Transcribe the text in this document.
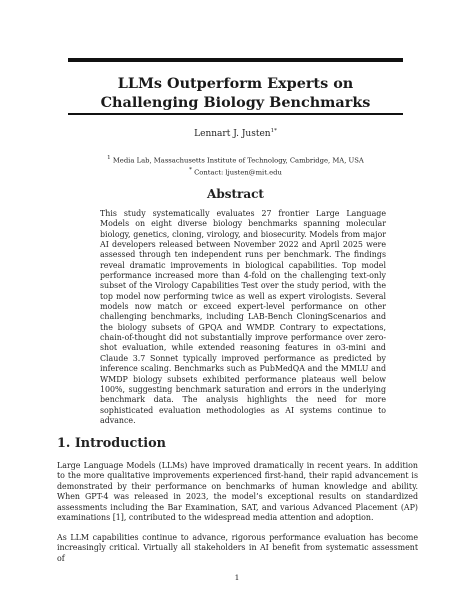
LLMs Outperform Experts on Challenging Biology Benchmarks
Lennart J. Justen$^{1*}$
$^1$ Media Lab, Massachusetts Institute of Technology, Cambridge, MA, USA
* Contact: ljusten@mit.edu
Abstract

This study systematically evaluates 27 frontier Large Language Models on eight diverse biology benchmarks spanning molecular biology, genetics, cloning, virology, and biosecurity. Models from major AI developers released between November 2022 and April 2025 were assessed through ten independent runs per benchmark. The findings reveal dramatic improvements in biological capabilities. Top model performance increased more than 4-fold on the challenging text-only subset of the Virology Capabilities Test over the study period, with the top model now performing twice as well as expert virologists. Several models now match or exceed expert-level performance on other challenging benchmarks, including LAB-Bench CloningScenarios and the biology subsets of GPQA and WMDP. Contrary to expectations, chain-of-thought did not substantially improve performance over zero-shot evaluation, while extended reasoning features in o3-mini and Claude 3.7 Sonnet typically improved performance as predicted by inference scaling. Benchmarks such as PubMedQA and the MMLU and WMDP biology subsets exhibited performance plateaus well below 100%, suggesting benchmark saturation and errors in the underlying benchmark data. The analysis highlights the need for more sophisticated evaluation methodologies as AI systems continue to advance.

1. Introduction

Large Language Models (LLMs) have improved dramatically in recent years. In addition to the more qualitative improvements experienced first-hand, their rapid advancement is demonstrated by their performance on benchmarks of human knowledge and ability. When GPT-4 was released in 2023, the model’s exceptional results on standardized assessments including the Bar Examination, SAT, and various Advanced Placement (AP) examinations [1], contributed to the widespread media attention and adoption.

As LLM capabilities continue to advance, rigorous performance evaluation has become increasingly critical. Virtually all stakeholders in AI benefit from systematic assessment of

1
